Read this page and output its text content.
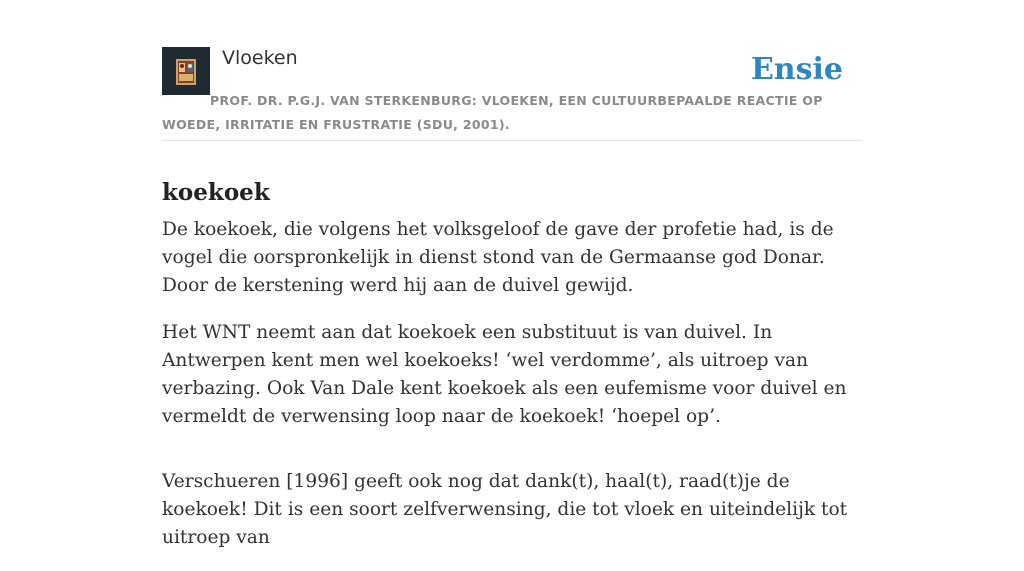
Vloeken	Ensie
PROF. DR. P.G.J. VAN STERKENBURG: VLOEKEN, EEN CULTUURBEPAALDE REACTIE OP WOEDE, IRRITATIE EN FRUSTRATIE (SDU, 2001).
koekoek

De koekoek, die volgens het volksgeloof de gave der profetie had, is de vogel die oorspronkelijk in dienst stond van de Germaanse god Donar. Door de kerstening werd hij aan de duivel gewijd.

Het WNT neemt aan dat koekoek een substituut is van duivel. In Antwerpen kent men wel koekoeks! ‘wel verdomme’, als uitroep van verbazing. Ook Van Dale kent koekoek als een eufemisme voor duivel en vermeldt de verwensing loop naar de koekoek! ‘hoepel op’.

Verschueren [1996] geeft ook nog dat dank(t), haal(t), raad(t)je de koekoek! Dit is een soort zelfverwensing, die tot vloek en uiteindelijk tot uitroep van
